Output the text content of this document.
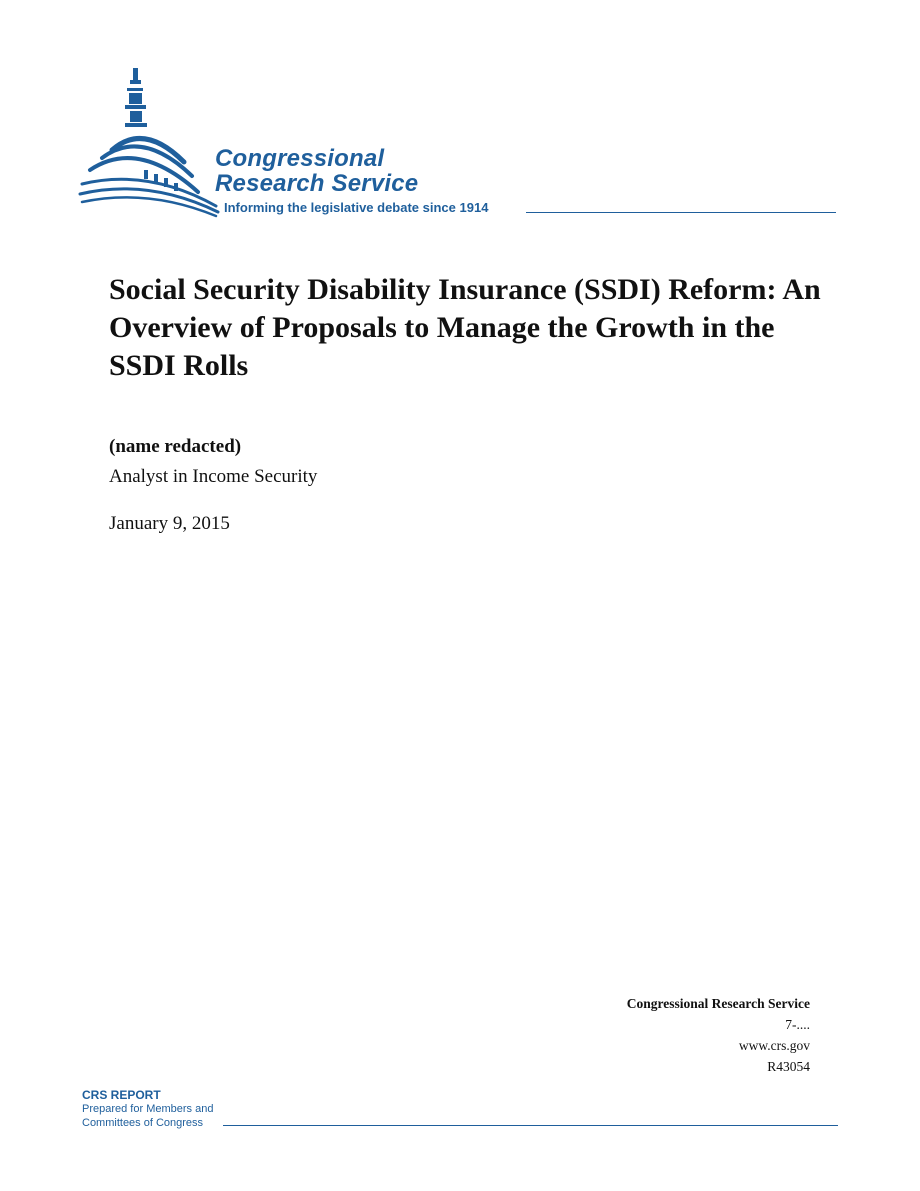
Congressional
Research Service
Informing the legislative debate since 1914
Social Security Disability Insurance (SSDI) Reform: An Overview of Proposals to Manage the Growth in the SSDI Rolls

(name redacted)

Analyst in Income Security

January 9, 2015

Congressional Research Service
7-....
www.crs.gov
R43054
CRS REPORT
Prepared for Members and
Committees of Congress
